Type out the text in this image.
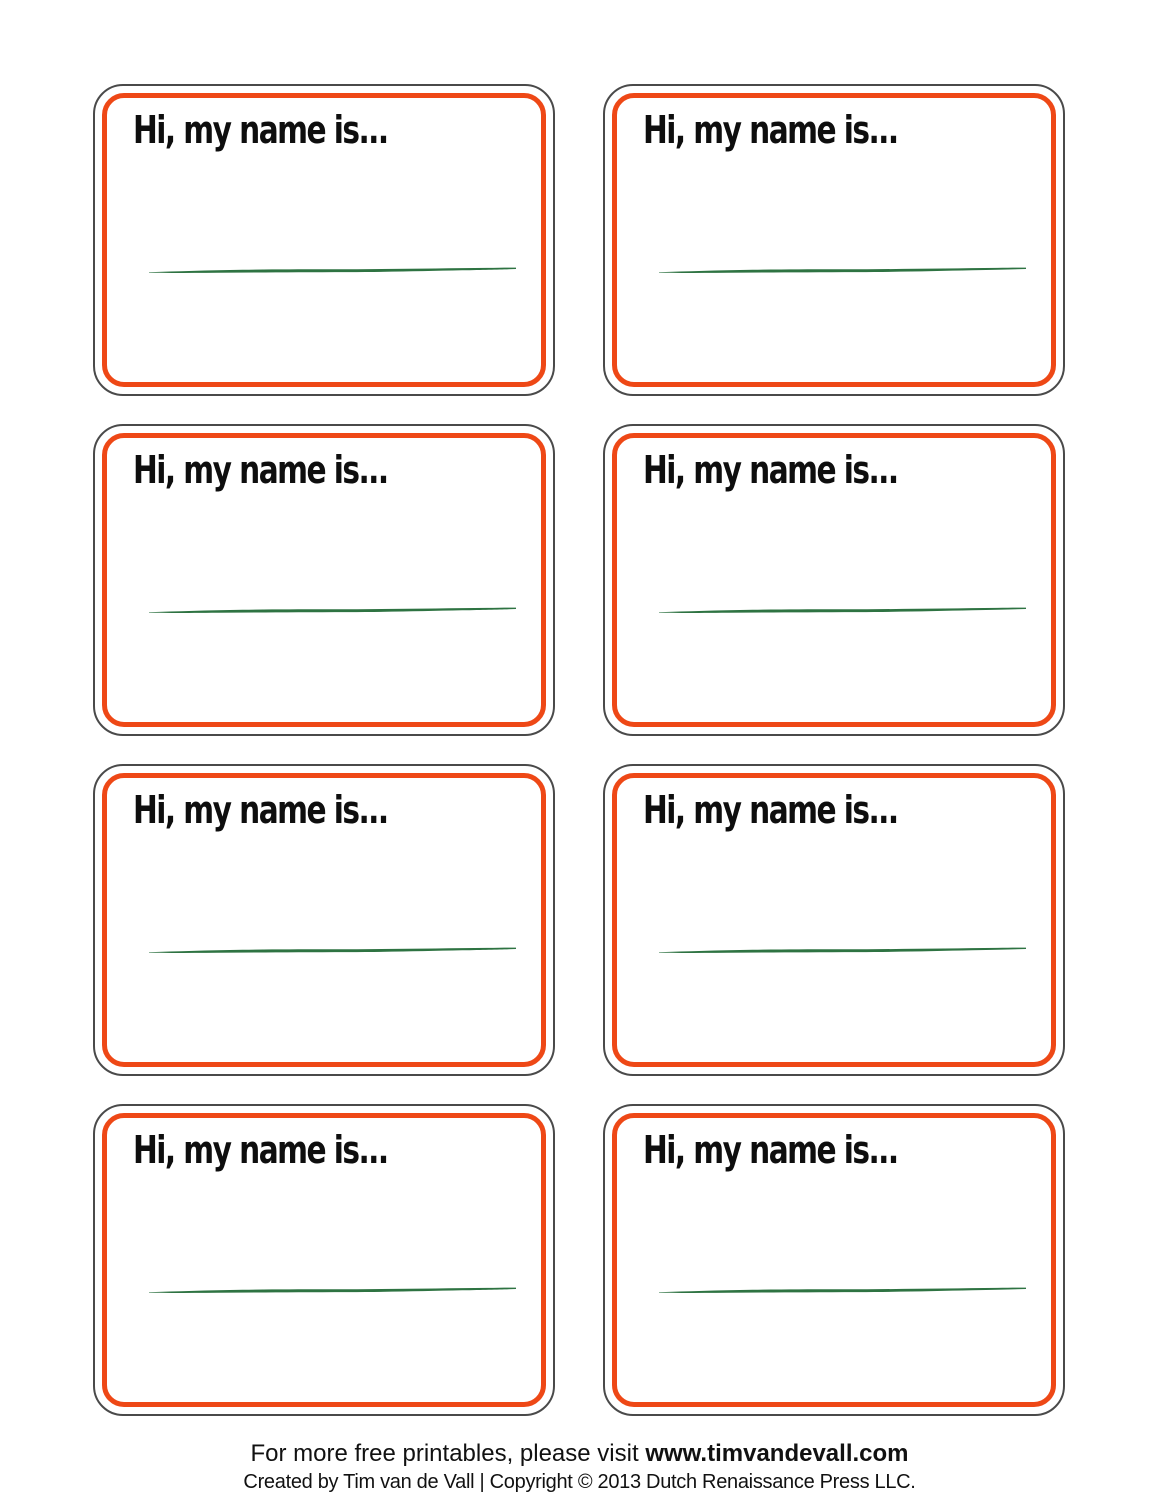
Hi, my name is...	Hi, my name is...
Hi, my name is...	Hi, my name is...
Hi, my name is...	Hi, my name is...
Hi, my name is...	Hi, my name is...
For more free printables, please visit www.timvandevall.com
Created by Tim van de Vall | Copyright © 2013 Dutch Renaissance Press LLC.
